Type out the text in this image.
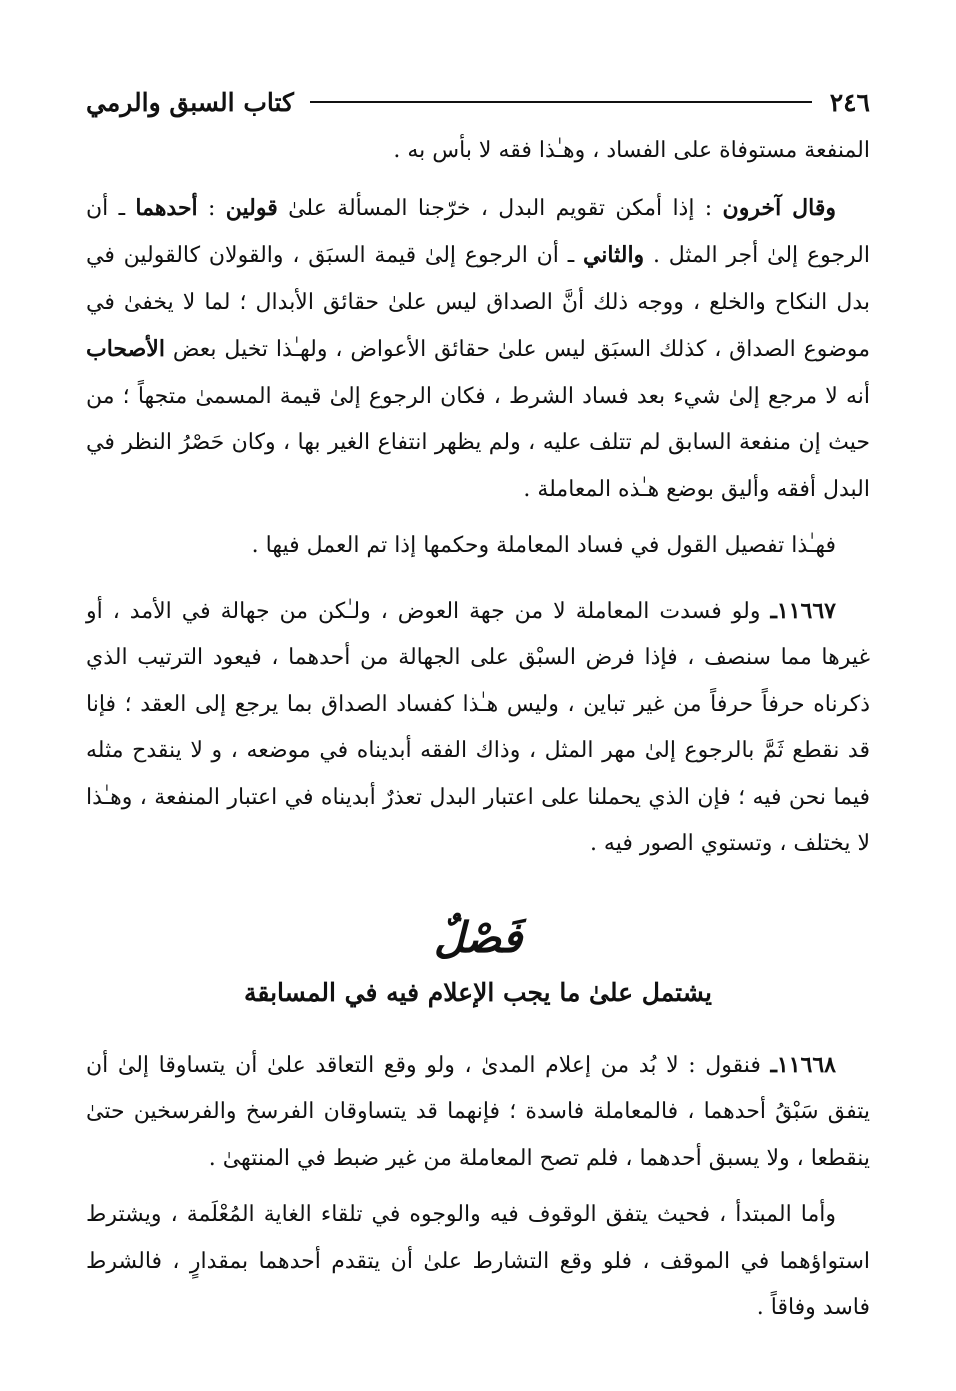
٢٤٦
كتاب السبق والرمي

المنفعة مستوفاة على الفساد ، وهـٰذا فقه لا بأس به .

وقال آخرون : إذا أمكن تقويم البدل ، خرّجنا المسألة علىٰ قولين : أحدهما ـ أن الرجوع إلىٰ أجر المثل . والثاني ـ أن الرجوع إلىٰ قيمة السبَق ، والقولان كالقولين في بدل النكاح والخلع ، ووجه ذلك أنَّ الصداق ليس علىٰ حقائق الأبدال ؛ لما لا يخفىٰ في موضوع الصداق ، كذلك السبَق ليس علىٰ حقائق الأعواض ، ولهـٰذا تخيل بعض الأصحاب أنه لا مرجع إلىٰ شيء بعد فساد الشرط ، فكان الرجوع إلىٰ قيمة المسمىٰ متجهاً ؛ من حيث إن منفعة السابق لم تتلف عليه ، ولم يظهر انتفاع الغير بها ، وكان حَصْرُ النظر في البدل أفقه وأليق بوضع هـٰذه المعاملة .

فهـٰذا تفصيل القول في فساد المعاملة وحكمها إذا تم العمل فيها .

١١٦٦٧ـ ولو فسدت المعاملة لا من جهة العوض ، ولـٰكن من جهالة في الأمد ، أو غيرها مما سنصف ، فإذا فرض السبْق على الجهالة من أحدهما ، فيعود الترتيب الذي ذكرناه حرفاً حرفاً من غير تباين ، وليس هـٰذا كفساد الصداق بما يرجع إلى العقد ؛ فإنا قد نقطع ثَمَّ بالرجوع إلىٰ مهر المثل ، وذاك الفقه أبديناه في موضعه ، و لا ينقدح مثله فيما نحن فيه ؛ فإن الذي يحملنا على اعتبار البدل تعذرٌ أبديناه في اعتبار المنفعة ، وهـٰذا لا يختلف ، وتستوي الصور فيه .

فَصْلٌ
يشتمل علىٰ ما يجب الإعلام فيه في المسابقة

١١٦٦٨ـ فنقول : لا بُد من إعلام المدىٰ ، ولو وقع التعاقد علىٰ أن يتساوقا إلىٰ أن يتفق سَبْقُ أحدهما ، فالمعاملة فاسدة ؛ فإنهما قد يتساوقان الفرسخ والفرسخين حتىٰ ينقطعا ، ولا يسبق أحدهما ، فلم تصح المعاملة من غير ضبط في المنتهىٰ .

وأما المبتدأ ، فحيث يتفق الوقوف فيه والوجوه في تلقاء الغاية المُعْلَمة ، ويشترط استواؤهما في الموقف ، فلو وقع التشارط علىٰ أن يتقدم أحدهما بمقدارٍ ، فالشرط فاسد وفاقاً .
